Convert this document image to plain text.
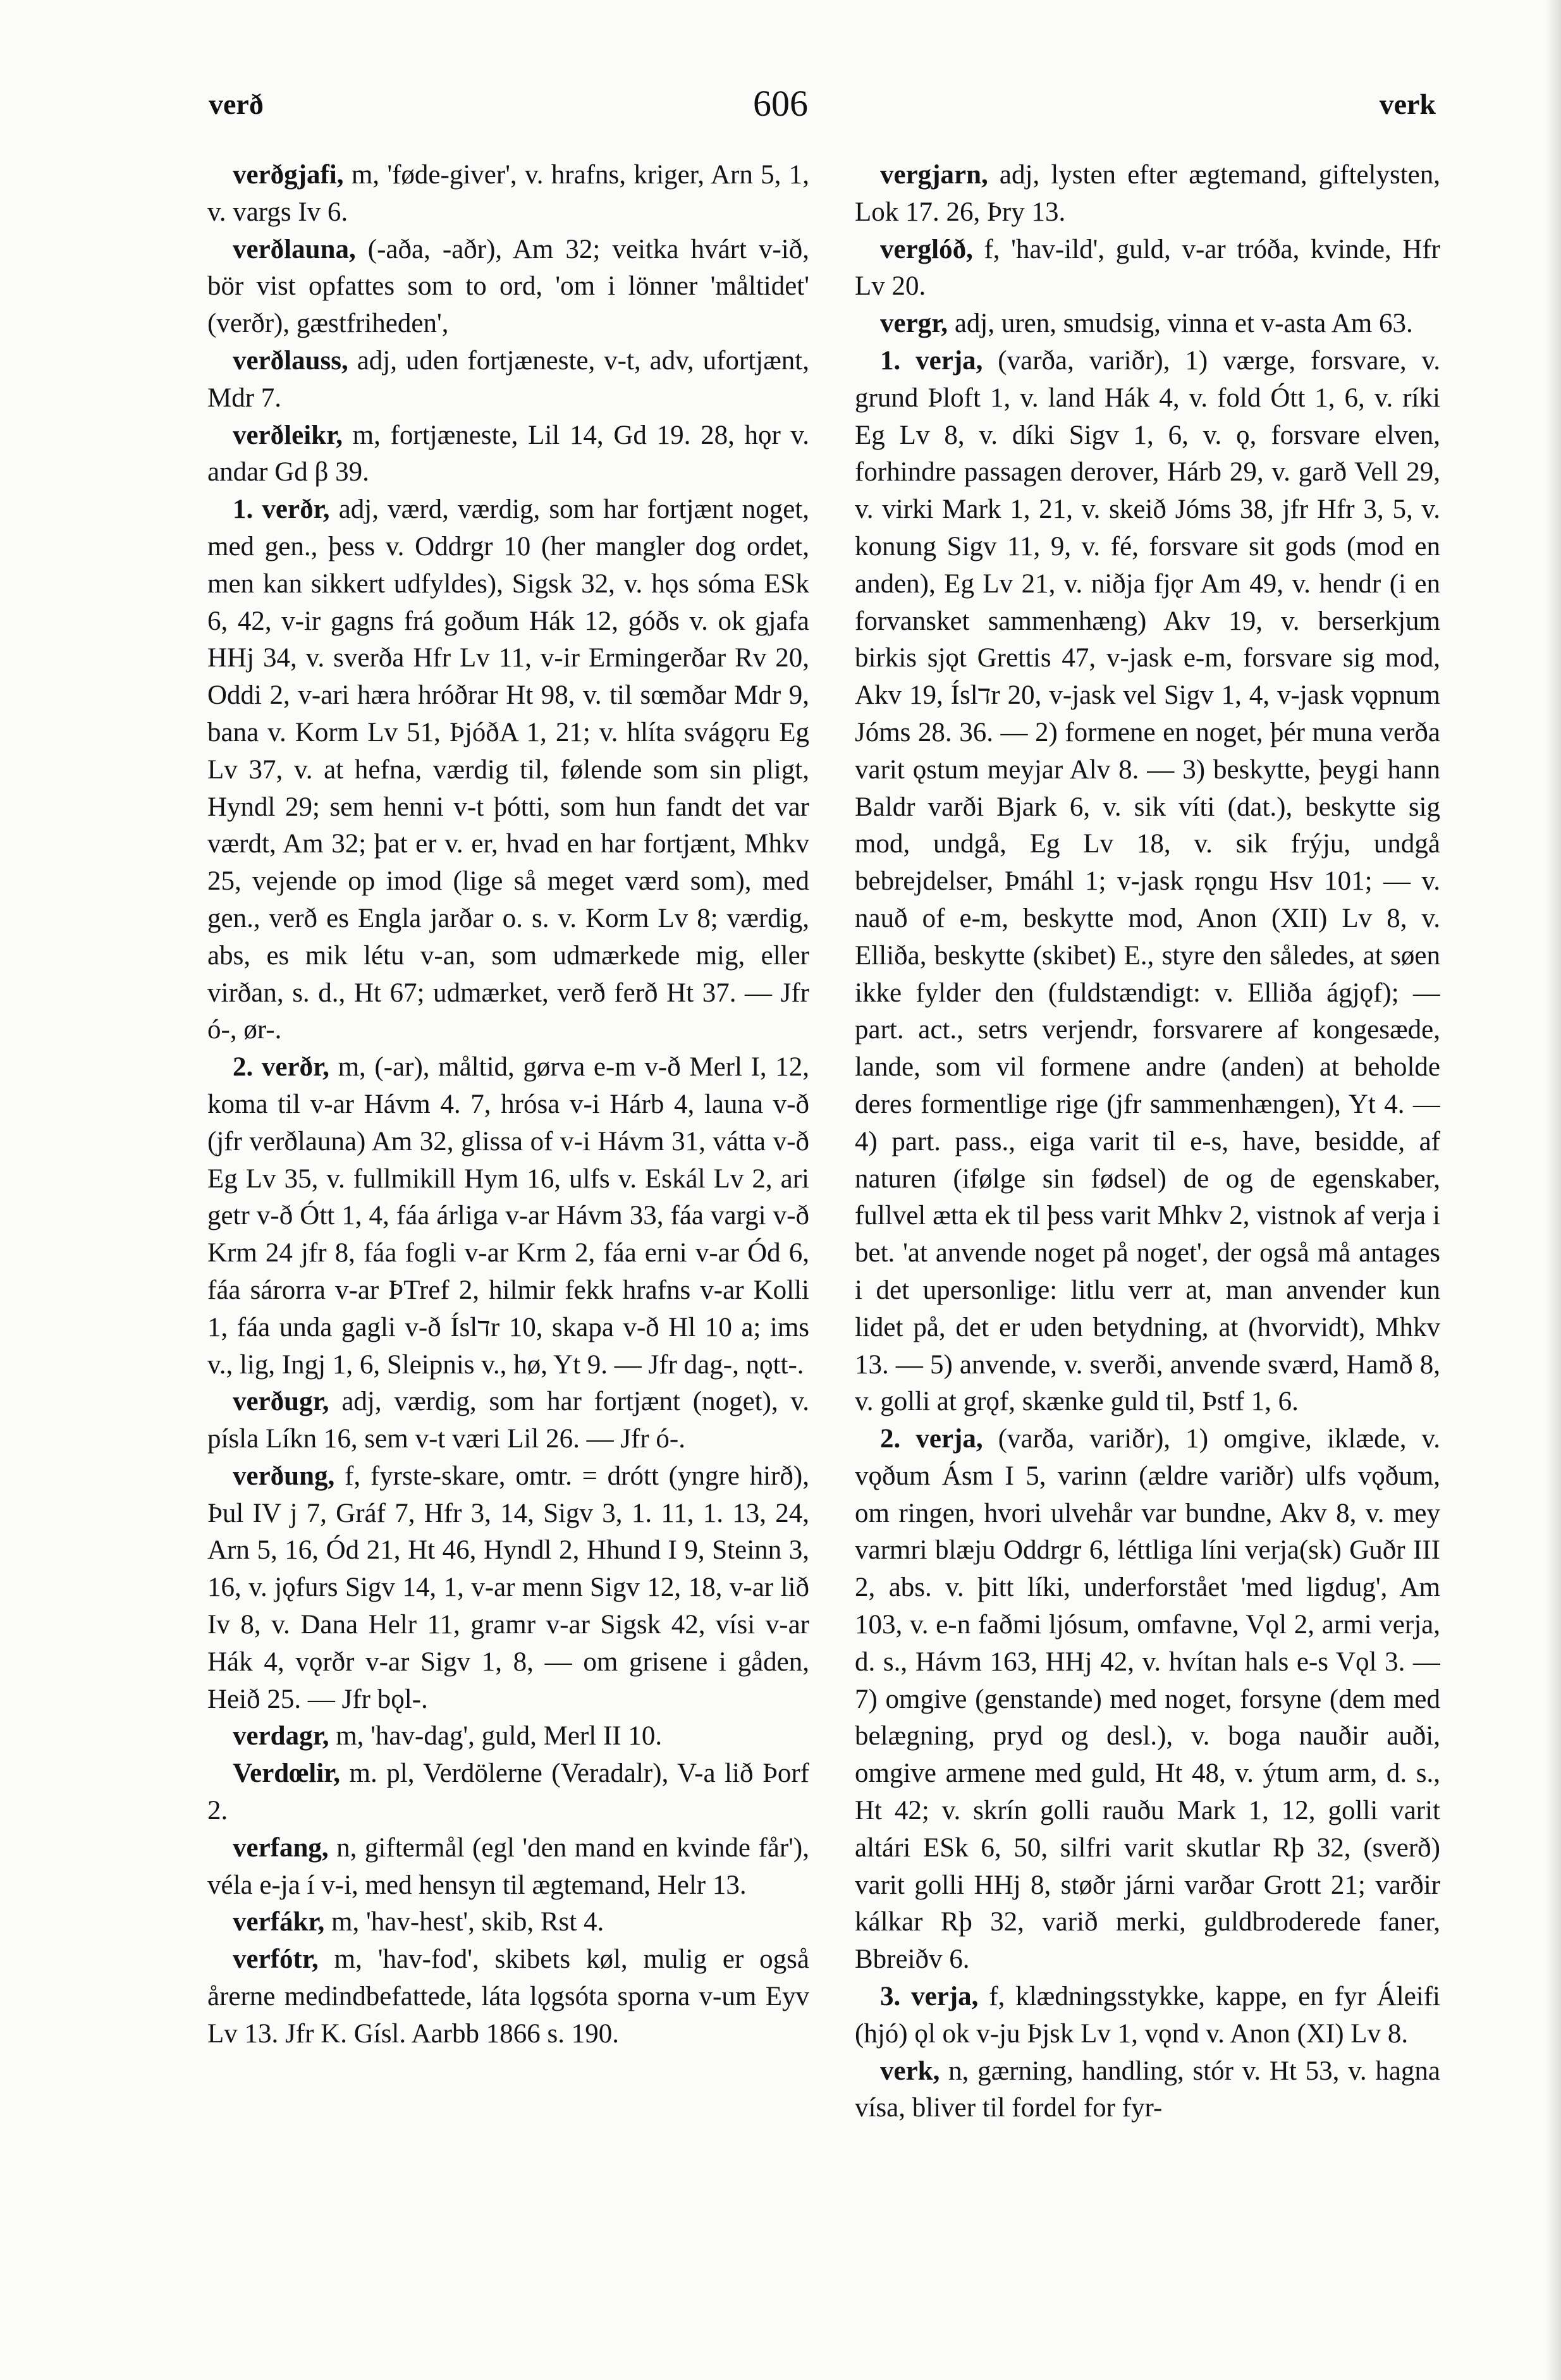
verð	606	verk

verðgjafi, m, 'føde-giver', v. hrafns, kriger, Arn 5, 1, v. vargs Iv 6.

verðlauna, (-aða, -aðr), Am 32; veitka hvárt v-ið, bör vist opfattes som to ord, 'om i lönner 'måltidet' (verðr), gæstfriheden',

verðlauss, adj, uden fortjæneste, v-t, adv, ufortjænt, Mdr 7.

verðleikr, m, fortjæneste, Lil 14, Gd 19. 28, hǫr v. andar Gd β 39.

1. verðr, adj, værd, værdig, som har fortjænt noget, med gen., þess v. Oddrgr 10 (her mangler dog ordet, men kan sikkert udfyldes), Sigsk 32, v. hǫs sóma ESk 6, 42, v-ir gagns frá goðum Hák 12, góðs v. ok gjafa HHj 34, v. sverða Hfr Lv 11, v-ir Ermingerðar Rv 20, Oddi 2, v-ari hæra hróðrar Ht 98, v. til sœmðar Mdr 9, bana v. Korm Lv 51, ÞjóðA 1, 21; v. hlíta svágǫru Eg Lv 37, v. at hefna, værdig til, følende som sin pligt, Hyndl 29; sem henni v-t þótti, som hun fandt det var værdt, Am 32; þat er v. er, hvad en har fortjænt, Mhkv 25, vejende op imod (lige så meget værd som), med gen., verð es Engla jarðar o. s. v. Korm Lv 8; værdig, abs, es mik létu v-an, som udmærkede mig, eller virðan, s. d., Ht 67; udmærket, verð ferð Ht 37. — Jfr ó-, ør-.

2. verðr, m, (-ar), måltid, gørva e-m v-ð Merl I, 12, koma til v-ar Hávm 4. 7, hrósa v-i Hárb 4, launa v-ð (jfr verðlauna) Am 32, glissa of v-i Hávm 31, vátta v-ð Eg Lv 35, v. fullmikill Hym 16, ulfs v. Eskál Lv 2, ari getr v-ð Ótt 1, 4, fáa árliga v-ar Hávm 33, fáa vargi v-ð Krm 24 jfr 8, fáa fogli v-ar Krm 2, fáa erni v-ar Ód 6, fáa sárorra v-ar ÞTref 2, hilmir fekk hrafns v-ar Kolli 1, fáa unda gagli v-ð Íslדr 10, skapa v-ð Hl 10 a; ims v., lig, Ingj 1, 6, Sleipnis v., hø, Yt 9. — Jfr dag-, nǫtt-.

verðugr, adj, værdig, som har fortjænt (noget), v. písla Líkn 16, sem v-t væri Lil 26. — Jfr ó-.

verðung, f, fyrste-skare, omtr. = drótt (yngre hirð), Þul IV j 7, Gráf 7, Hfr 3, 14, Sigv 3, 1. 11, 1. 13, 24, Arn 5, 16, Ód 21, Ht 46, Hyndl 2, Hhund I 9, Steinn 3, 16, v. jǫfurs Sigv 14, 1, v-ar menn Sigv 12, 18, v-ar lið Iv 8, v. Dana Helr 11, gramr v-ar Sigsk 42, vísi v-ar Hák 4, vǫrðr v-ar Sigv 1, 8, — om grisene i gåden, Heið 25. — Jfr bǫl-.

verdagr, m, 'hav-dag', guld, Merl II 10.

Verdœlir, m. pl, Verdölerne (Veradalr), V-a lið Þorf 2.

verfang, n, giftermål (egl 'den mand en kvinde får'), véla e-ja í v-i, med hensyn til ægtemand, Helr 13.

verfákr, m, 'hav-hest', skib, Rst 4.

verfótr, m, 'hav-fod', skibets køl, mulig er også årerne medindbefattede, láta lǫgsóta sporna v-um Eyv Lv 13. Jfr K. Gísl. Aarbb 1866 s. 190.

vergjarn, adj, lysten efter ægtemand, giftelysten, Lok 17. 26, Þry 13.

verglóð, f, 'hav-ild', guld, v-ar tróða, kvinde, Hfr Lv 20.

vergr, adj, uren, smudsig, vinna et v-asta Am 63.

1. verja, (varða, variðr), 1) værge, forsvare, v. grund Þloft 1, v. land Hák 4, v. fold Ótt 1, 6, v. ríki Eg Lv 8, v. díki Sigv 1, 6, v. ǫ, forsvare elven, forhindre passagen derover, Hárb 29, v. garð Vell 29, v. virki Mark 1, 21, v. skeið Jóms 38, jfr Hfr 3, 5, v. konung Sigv 11, 9, v. fé, forsvare sit gods (mod en anden), Eg Lv 21, v. niðja fjǫr Am 49, v. hendr (i en forvansket sammenhæng) Akv 19, v. berserkjum birkis sjǫt Grettis 47, v-jask e-m, forsvare sig mod, Akv 19, Íslדr 20, v-jask vel Sigv 1, 4, v-jask vǫpnum Jóms 28. 36. — 2) formene en noget, þér muna verða varit ǫstum meyjar Alv 8. — 3) beskytte, þeygi hann Baldr varði Bjark 6, v. sik víti (dat.), beskytte sig mod, undgå, Eg Lv 18, v. sik frýju, undgå bebrejdelser, Þmáhl 1; v-jask rǫngu Hsv 101; — v. nauð of e-m, beskytte mod, Anon (XII) Lv 8, v. Elliða, beskytte (skibet) E., styre den således, at søen ikke fylder den (fuldstændigt: v. Elliða ágjǫf); — part. act., setrs verjendr, forsvarere af kongesæde, lande, som vil formene andre (anden) at beholde deres formentlige rige (jfr sammenhængen), Yt 4. — 4) part. pass., eiga varit til e-s, have, besidde, af naturen (ifølge sin fødsel) de og de egenskaber, fullvel ætta ek til þess varit Mhkv 2, vistnok af verja i bet. 'at anvende noget på noget', der også må antages i det upersonlige: litlu verr at, man anvender kun lidet på, det er uden betydning, at (hvorvidt), Mhkv 13. — 5) anvende, v. sverði, anvende sværd, Hamð 8, v. golli at grǫf, skænke guld til, Þstf 1, 6.

2. verja, (varða, variðr), 1) omgive, iklæde, v. vǫðum Ásm I 5, varinn (ældre variðr) ulfs vǫðum, om ringen, hvori ulvehår var bundne, Akv 8, v. mey varmri blæju Oddrgr 6, léttliga líni verja(sk) Guðr III 2, abs. v. þitt líki, underforstået 'med ligdug', Am 103, v. e-n faðmi ljósum, omfavne, Vǫl 2, armi verja, d. s., Hávm 163, HHj 42, v. hvítan hals e-s Vǫl 3. — 7) omgive (genstande) med noget, forsyne (dem med belægning, pryd og desl.), v. boga nauðir auði, omgive armene med guld, Ht 48, v. ýtum arm, d. s., Ht 42; v. skrín golli rauðu Mark 1, 12, golli varit altári ESk 6, 50, silfri varit skutlar Rþ 32, (sverð) varit golli HHj 8, støðr járni varðar Grott 21; varðir kálkar Rþ 32, varið merki, guldbroderede faner, Bbreiðv 6.

3. verja, f, klædningsstykke, kappe, en fyr Áleifi (hjó) ǫl ok v-ju Þjsk Lv 1, vǫnd v. Anon (XI) Lv 8.

verk, n, gærning, handling, stór v. Ht 53, v. hagna vísa, bliver til fordel for fyr-
